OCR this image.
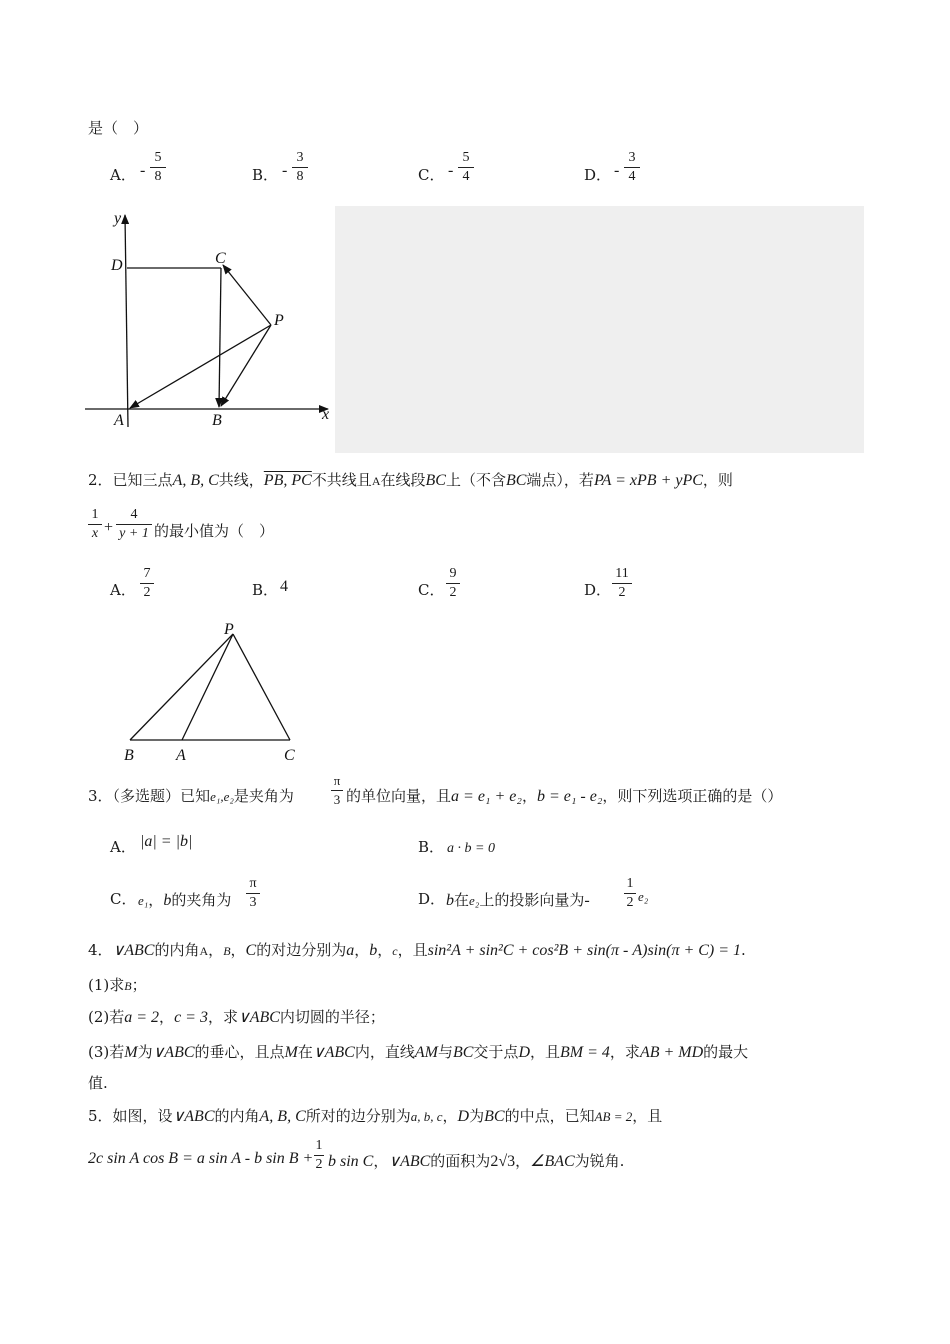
是（　）
A． -
5
8	B． -
3
8	C． -
5
4	D． -
3
4
y
x
D	C
P
A	B
2．已知三点A, B, C共线，PB, PC不共线且A在线段BC上（不含BC端点），若PA = xPB + yPC，则
1
x +
4
y + 1 的最小值为（　）
A．
7
2	B． 4	C．
9
2	D．
11
2
P
B	A	C
3．（多选题）已知e₁,e₂是夹角为
π
3 的单位向量，且a = e₁ + e₂，b = e₁ - e₂，则下列选项正确的是（）
A． |a| = |b|	B． a · b = 0
C． e₁，b的夹角为
π
3	D． b在e₂上的投影向量为-
1
2 e₂
4．∨ABC的内角A，B，C的对边分别为a，b，c，且sin²A + sin²C + cos²B + sin(π - A)sin(π + C) = 1.
(1)求B；
(2)若a = 2，c = 3，求∨ABC内切圆的半径；
(3)若M为∨ABC的垂心，且点M在∨ABC内，直线AM与BC交于点D，且BM = 4，求AB + MD的最大
值.
5．如图，设∨ABC的内角A, B, C所对的边分别为a, b, c，D为BC的中点，已知AB = 2，且
2c sin A cos B = a sin A - b sin B +
1
2 b sin C，∨ABC的面积为2√3，∠BAC为锐角.
